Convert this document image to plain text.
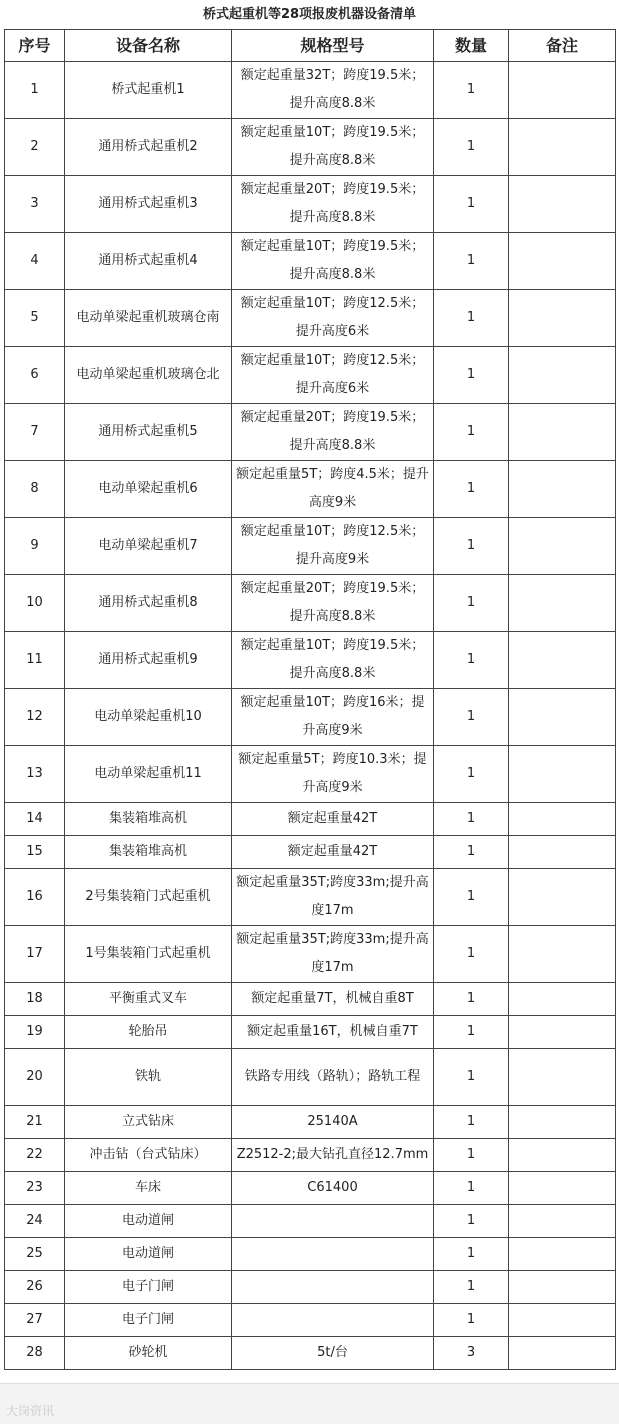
桥式起重机等28项报废机器设备清单
序号	设备名称	规格型号	数量	备注
1	桥式起重机1	额定起重量32T；跨度19.5米；提升高度8.8米	1	
2	通用桥式起重机2	额定起重量10T；跨度19.5米；提升高度8.8米	1	
3	通用桥式起重机3	额定起重量20T；跨度19.5米；提升高度8.8米	1	
4	通用桥式起重机4	额定起重量10T；跨度19.5米；提升高度8.8米	1	
5	电动单梁起重机玻璃仓南	额定起重量10T；跨度12.5米；提升高度6米	1	
6	电动单梁起重机玻璃仓北	额定起重量10T；跨度12.5米；提升高度6米	1	
7	通用桥式起重机5	额定起重量20T；跨度19.5米；提升高度8.8米	1	
8	电动单梁起重机6	额定起重量5T；跨度4.5米；提升高度9米	1	
9	电动单梁起重机7	额定起重量10T；跨度12.5米；提升高度9米	1	
10	通用桥式起重机8	额定起重量20T；跨度19.5米；提升高度8.8米	1	
11	通用桥式起重机9	额定起重量10T；跨度19.5米；提升高度8.8米	1	
12	电动单梁起重机10	额定起重量10T；跨度16米；提升高度9米	1	
13	电动单梁起重机11	额定起重量5T；跨度10.3米；提升高度9米	1	
14	集装箱堆高机	额定起重量42T	1	
15	集装箱堆高机	额定起重量42T	1	
16	2号集装箱门式起重机	额定起重量35T;跨度33m;提升高度17m	1	
17	1号集装箱门式起重机	额定起重量35T;跨度33m;提升高度17m	1	
18	平衡重式叉车	额定起重量7T，机械自重8T	1	
19	轮胎吊	额定起重量16T，机械自重7T	1	
20	铁轨	铁路专用线（路轨）；路轨工程	1	
21	立式钻床	25140A	1	
22	冲击钻（台式钻床）	Z2512-2;最大钻孔直径12.7mm	1	
23	车床	C61400	1	
24	电动道闸		1	
25	电动道闸		1	
26	电子门闸		1	
27	电子门闸		1	
28	砂轮机	5t/台	3	
大岗资讯
